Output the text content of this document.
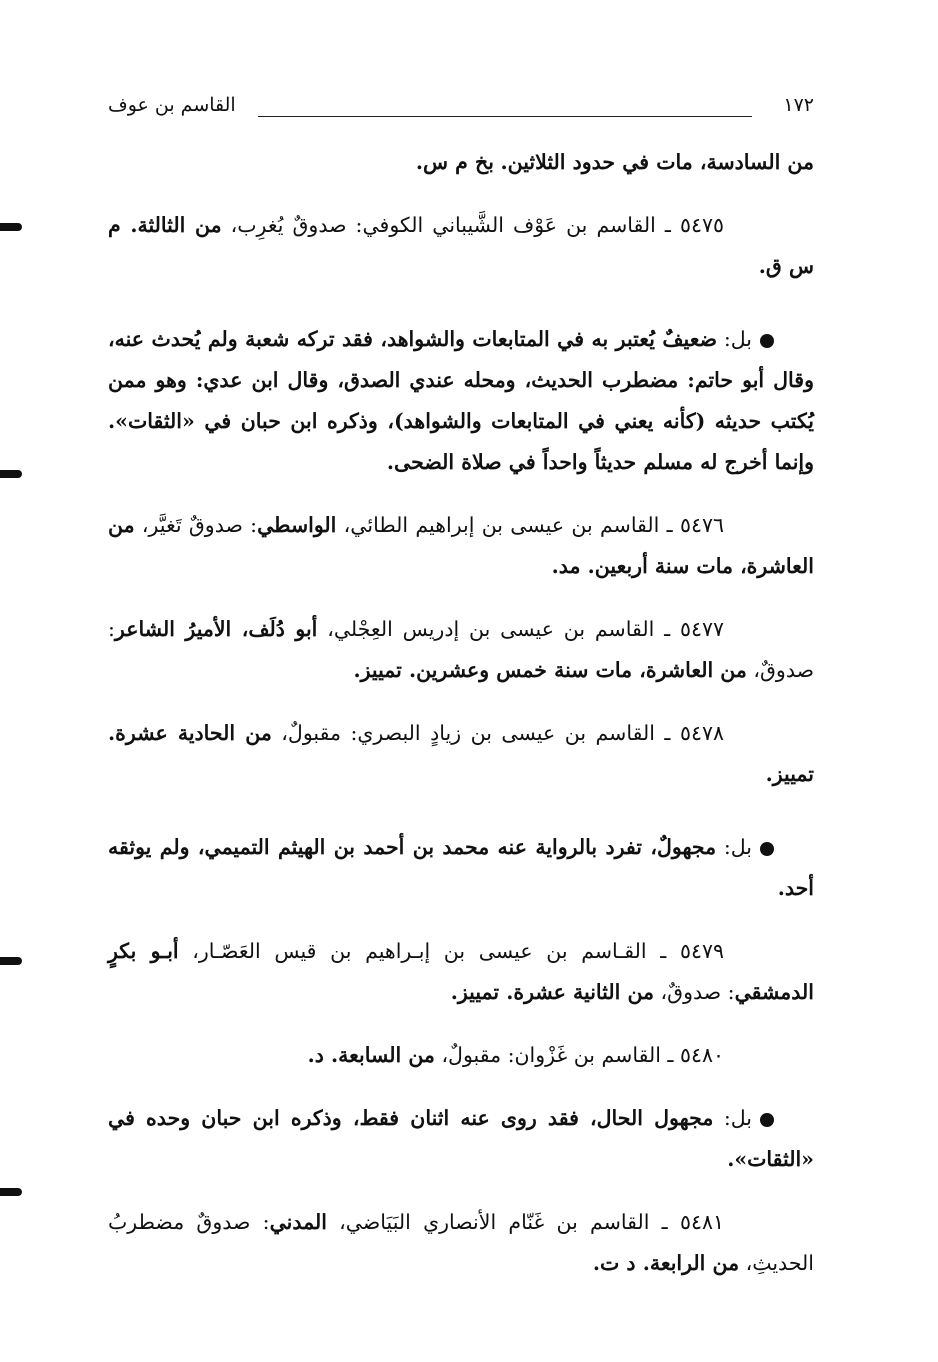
١٧٢
القاسم بن عوف

من السادسة، مات في حدود الثلاثين. بخ م س.

٥٤٧٥ ـ القاسم بن عَوْف الشَّيباني الكوفي: صدوقٌ يُغرِب، من الثالثة. م س ق.

بل: ضعيفٌ يُعتبر به في المتابعات والشواهد، فقد تركه شعبة ولم يُحدث عنه، وقال أبو حاتم: مضطرب الحديث، ومحله عندي الصدق، وقال ابن عدي: وهو ممن يُكتب حديثه (كأنه يعني في المتابعات والشواهد)، وذكره ابن حبان في «الثقات». وإنما أخرج له مسلم حديثاً واحداً في صلاة الضحى.

٥٤٧٦ ـ القاسم بن عيسى بن إبراهيم الطائي، الواسطي: صدوقٌ تَغيَّر، من العاشرة، مات سنة أربعين. مد.

٥٤٧٧ ـ القاسم بن عيسى بن إدريس العِجْلي، أبو دُلَف، الأميرُ الشاعر: صدوقٌ، من العاشرة، مات سنة خمس وعشرين. تمييز.

٥٤٧٨ ـ القاسم بن عيسى بن زيادٍ البصري: مقبولٌ، من الحادية عشرة. تمييز.

بل: مجهولٌ، تفرد بالرواية عنه محمد بن أحمد بن الهيثم التميمي، ولم يوثقه أحد.

٥٤٧٩ ـ القـاسم بن عيسى بن إبـراهيم بن قيس العَصّـار، أبـو بكرٍ الدمشقي: صدوقٌ، من الثانية عشرة. تمييز.

٥٤٨٠ ـ القاسم بن غَزْوان: مقبولٌ، من السابعة. د.

بل: مجهول الحال، فقد روى عنه اثنان فقط، وذكره ابن حبان وحده في «الثقات».

٥٤٨١ ـ القاسم بن غَنّام الأنصاري البَيَاضي، المدني: صدوقٌ مضطربُ الحديثِ، من الرابعة. د ت.
